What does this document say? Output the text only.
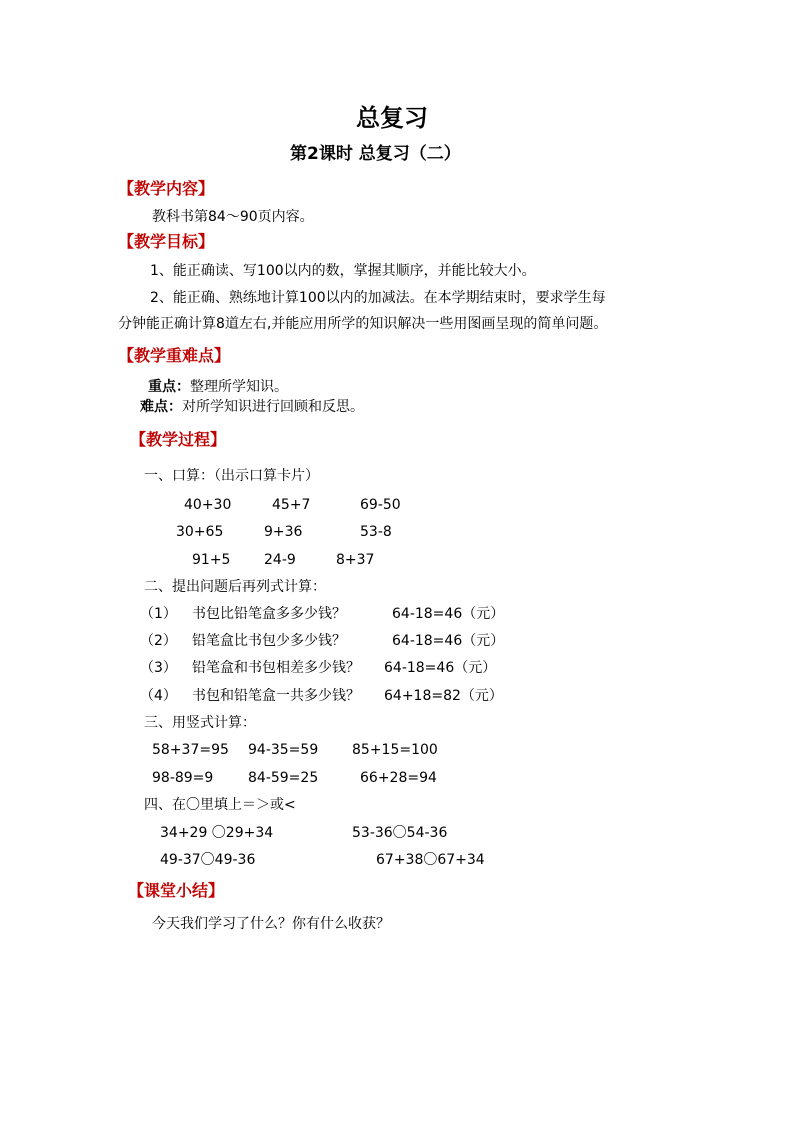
总复习
第2课时 总复习（二）
【教学内容】
教科书第84～90页内容。
【教学目标】
1、能正确读、写100以内的数，掌握其顺序，并能比较大小。
2、能正确、熟练地计算100以内的加减法。在本学期结束时，要求学生每
分钟能正确计算8道左右,并能应用所学的知识解决一些用图画呈现的简单问题。
【教学重难点】
重点：整理所学知识。
难点：对所学知识进行回顾和反思。
【教学过程】
一、口算：（出示口算卡片）
40+30	45+7	69-50
30+65	9+36	53-8
91+5 24-9	8+37
二、提出问题后再列式计算：
（1） 书包比铅笔盒多多少钱？	64-18=46（元）
（2） 铅笔盒比书包少多少钱？	64-18=46（元）
（3） 铅笔盒和书包相差多少钱？ 64-18=46（元）
（4） 书包和铅笔盒一共多少钱？ 64+18=82（元）
三、用竖式计算：
58+37=95 94-35=59 85+15=100
98-89=9 84-59=25	66+28=94
四、在〇里填上＝＞或<
34+29 〇29+34	53-36〇54-36
49-37〇49-36	67+38〇67+34
【课堂小结】
今天我们学习了什么？你有什么收获？
